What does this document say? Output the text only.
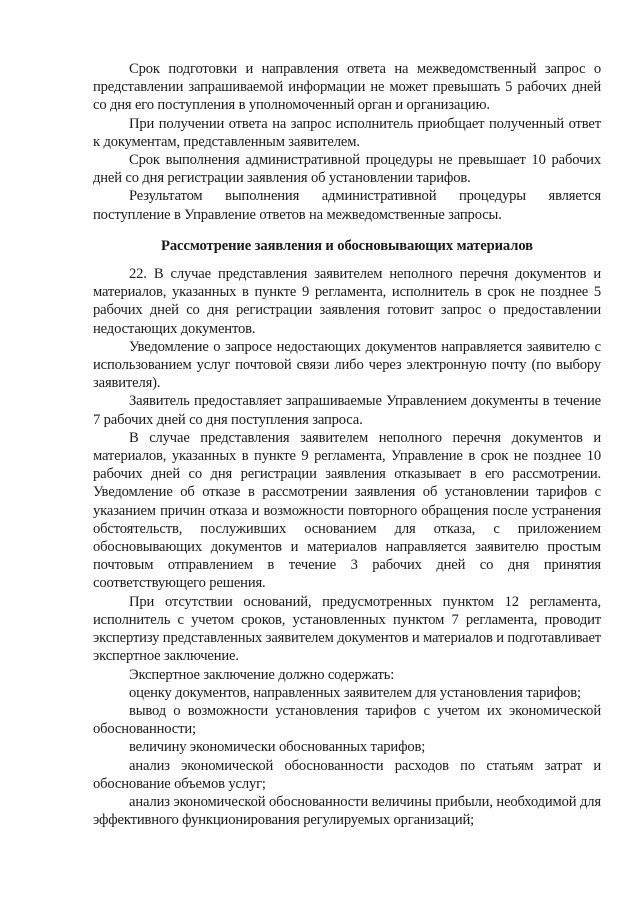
Срок подготовки и направления ответа на межведомственный запрос о представлении запрашиваемой информации не может превышать 5 рабочих дней со дня его поступления в уполномоченный орган и организацию.

При получении ответа на запрос исполнитель приобщает полученный ответ к документам, представленным заявителем.

Срок выполнения административной процедуры не превышает 10 рабочих дней со дня регистрации заявления об установлении тарифов.

Результатом выполнения административной процедуры является поступление в Управление ответов на межведомственные запросы.

Рассмотрение заявления и обосновывающих материалов

22. В случае представления заявителем неполного перечня документов и материалов, указанных в пункте 9 регламента, исполнитель в срок не позднее 5 рабочих дней со дня регистрации заявления готовит запрос о предоставлении недостающих документов.

Уведомление о запросе недостающих документов направляется заявителю с использованием услуг почтовой связи либо через электронную почту (по выбору заявителя).

Заявитель предоставляет запрашиваемые Управлением документы в течение 7 рабочих дней со дня поступления запроса.

В случае представления заявителем неполного перечня документов и материалов, указанных в пункте 9 регламента, Управление в срок не позднее 10 рабочих дней со дня регистрации заявления отказывает в его рассмотрении. Уведомление об отказе в рассмотрении заявления об установлении тарифов с указанием причин отказа и возможности повторного обращения после устранения обстоятельств, послуживших основанием для отказа, с приложением обосновывающих документов и материалов направляется заявителю простым почтовым отправлением в течение 3 рабочих дней со дня принятия соответствующего решения.

При отсутствии оснований, предусмотренных пунктом 12 регламента, исполнитель с учетом сроков, установленных пунктом 7 регламента, проводит экспертизу представленных заявителем документов и материалов и подготавливает экспертное заключение.

Экспертное заключение должно содержать:

оценку документов, направленных заявителем для установления тарифов;

вывод о возможности установления тарифов с учетом их экономической обоснованности;

величину экономически обоснованных тарифов;

анализ экономической обоснованности расходов по статьям затрат и обоснование объемов услуг;

анализ экономической обоснованности величины прибыли, необходимой для эффективного функционирования регулируемых организаций;
